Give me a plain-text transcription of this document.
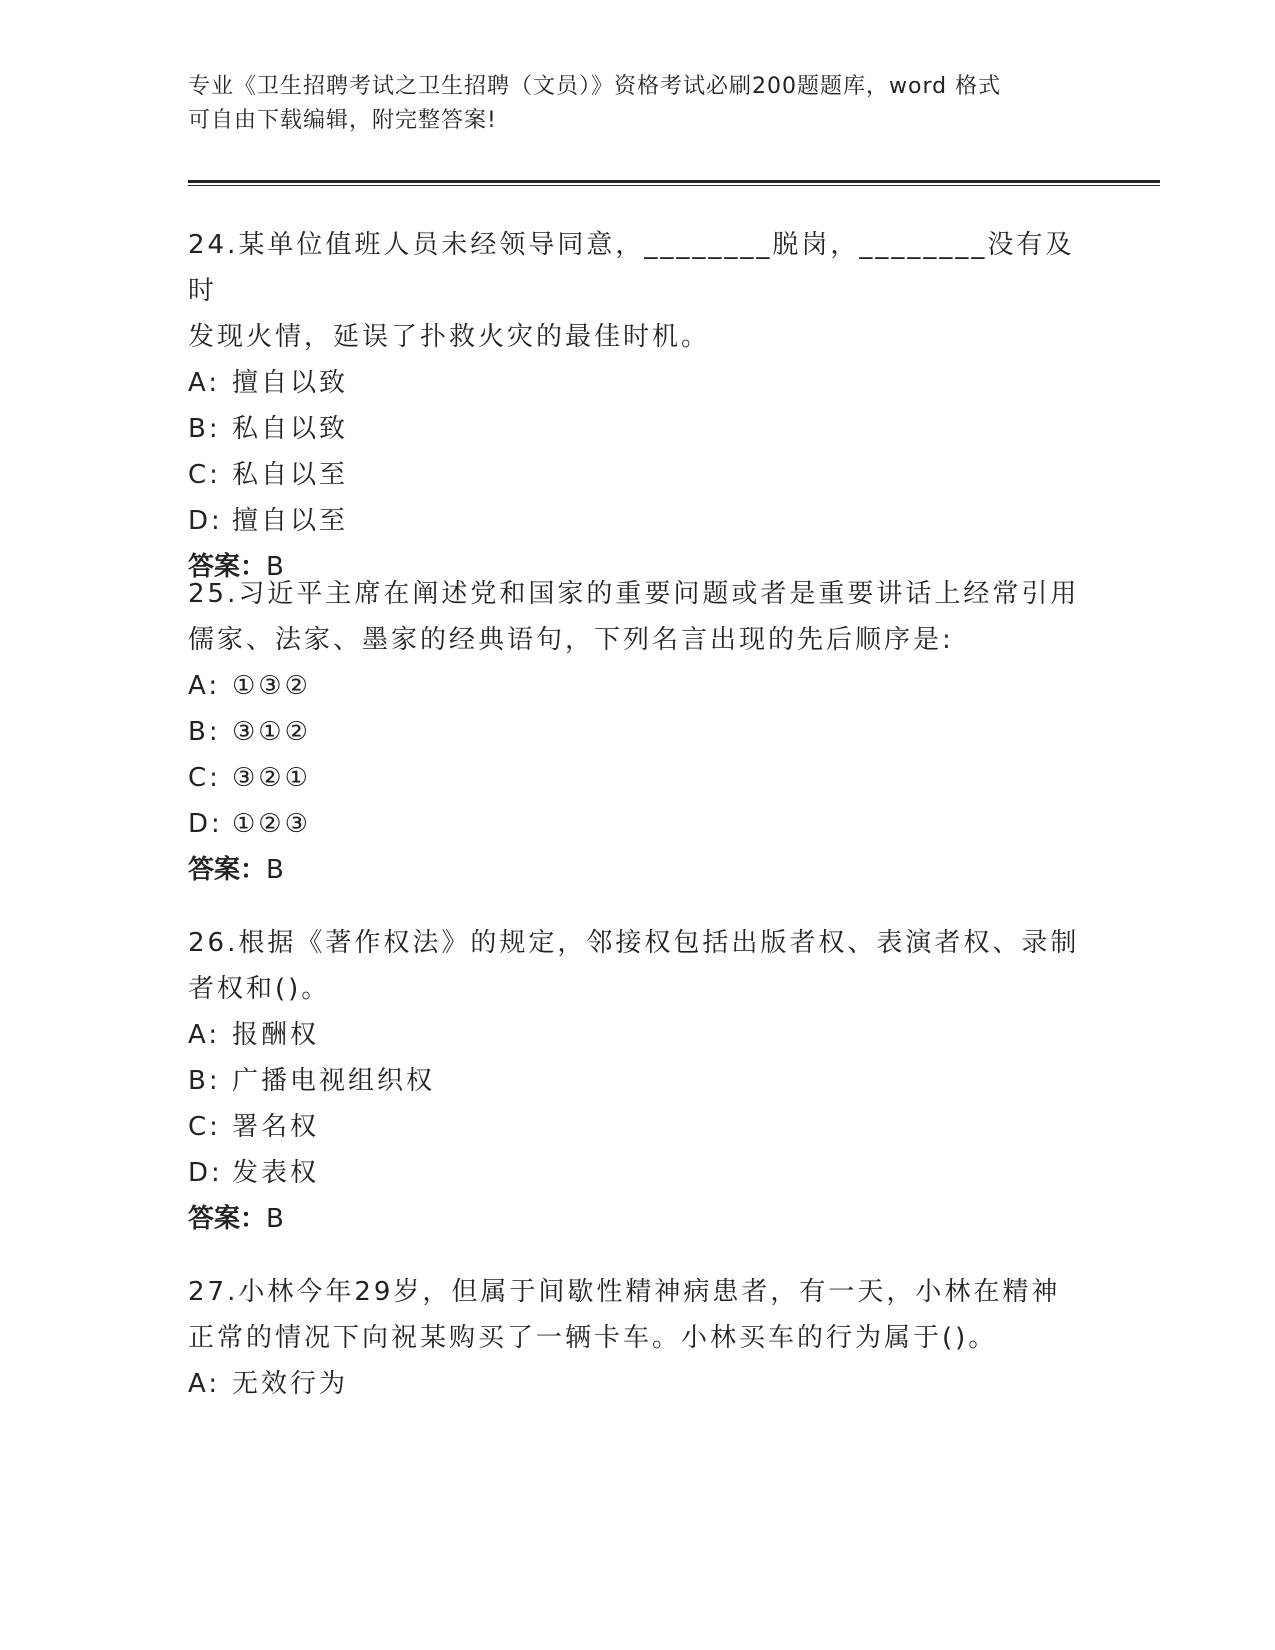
专业《卫生招聘考试之卫生招聘（文员）》资格考试必刷200题题库，word 格式
可自由下载编辑，附完整答案!

24.某单位值班人员未经领导同意，________脱岗，________没有及时

发现火情，延误了扑救火灾的最佳时机。

A: 擅自以致

B: 私自以致

C: 私自以至

D: 擅自以至

答案：B

25.习近平主席在阐述党和国家的重要问题或者是重要讲话上经常引用

儒家、法家、墨家的经典语句，下列名言出现的先后顺序是:

A: ①③②

B: ③①②

C: ③②①

D: ①②③

答案：B

26.根据《著作权法》的规定，邻接权包括出版者权、表演者权、录制

者权和()。

A: 报酬权

B: 广播电视组织权

C: 署名权

D: 发表权

答案：B

27.小林今年29岁，但属于间歇性精神病患者，有一天，小林在精神

正常的情况下向祝某购买了一辆卡车。小林买车的行为属于()。

A: 无效行为
